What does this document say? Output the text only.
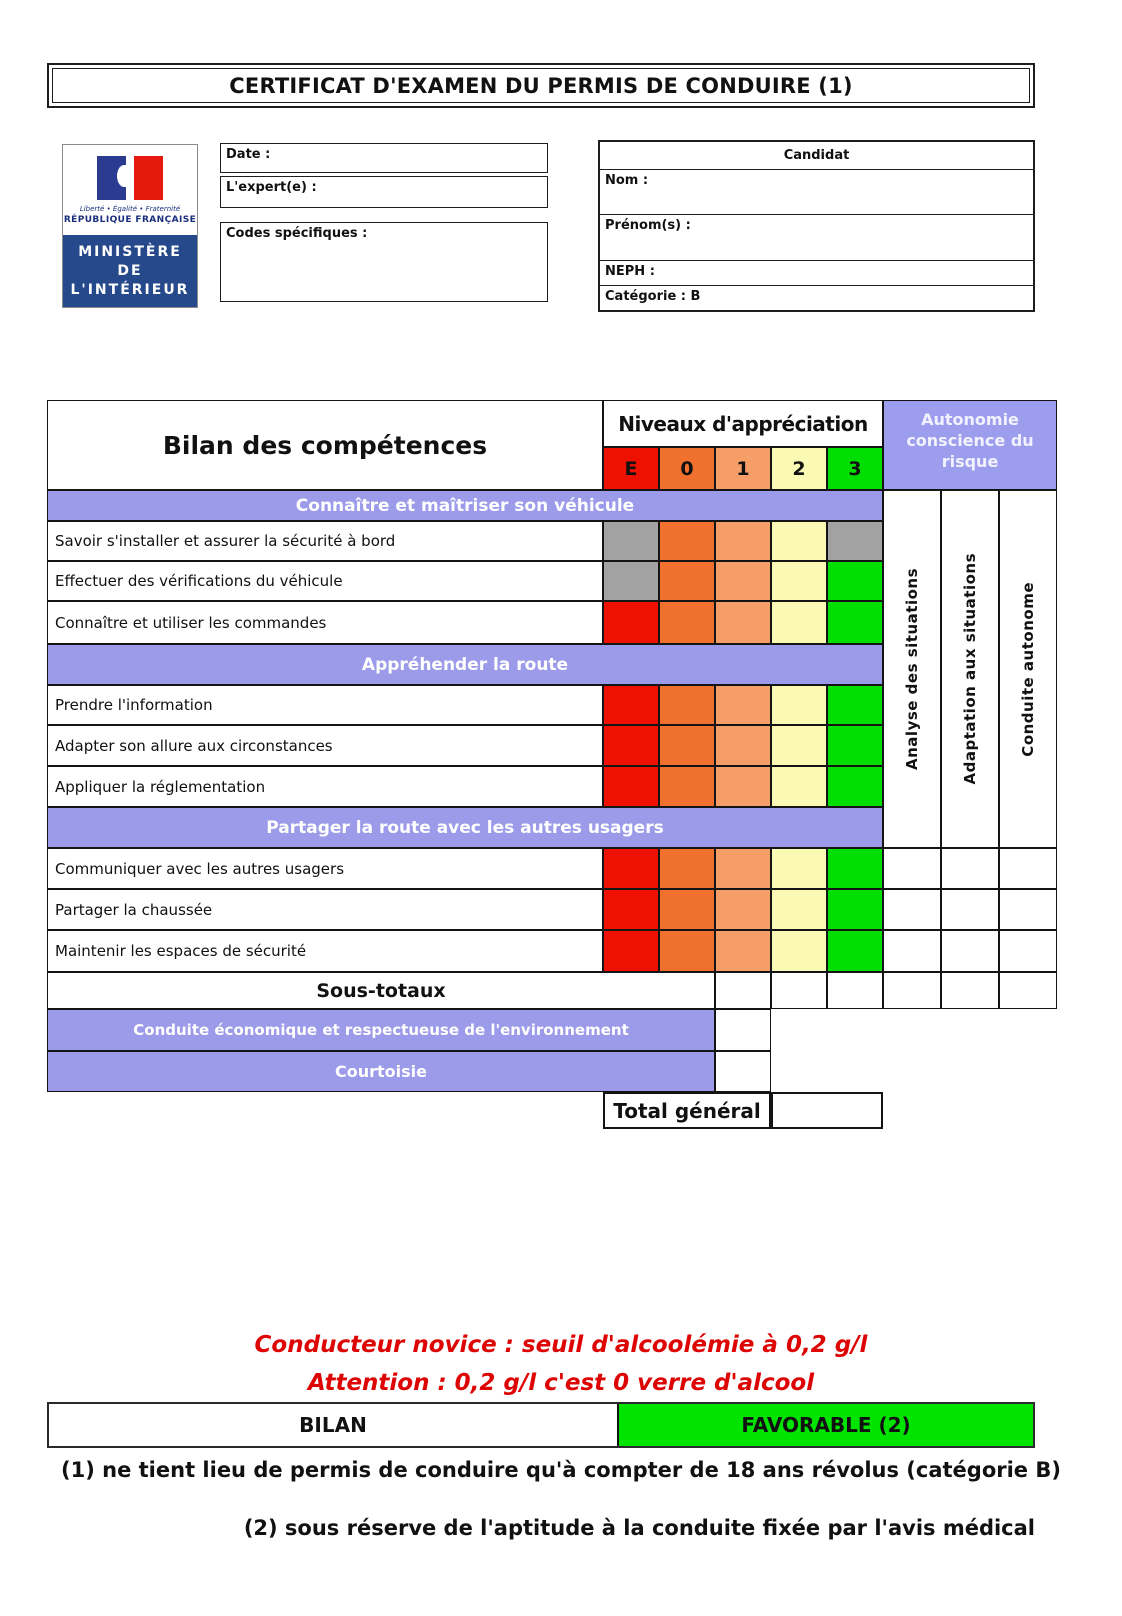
CERTIFICAT D'EXAMEN DU PERMIS DE CONDUIRE (1)
Liberté • Égalité • Fraternité
RÉPUBLIQUE FRANÇAISE
MINISTÈRE
DE
L'INTÉRIEUR
Date :
L'expert(e) :
Codes spécifiques :
Candidat
Nom :
Prénom(s) :
NEPH :
Catégorie : B
Bilan des compétences
Niveaux d'appréciation	Autonomie conscience du risque
Analyse des situations	Adaptation aux situations	Conduite autonome
Sous-totaux
Conduite économique et respectueuse de l'environnement
Courtoisie
Total général
E	0	1	2	3
Connaître et maîtriser son véhicule
Savoir s'installer et assurer la sécurité à bord
Effectuer des vérifications du véhicule
Connaître et utiliser les commandes
Appréhender la route
Prendre l'information
Adapter son allure aux circonstances
Appliquer la réglementation
Partager la route avec les autres usagers
Communiquer avec les autres usagers
Partager la chaussée
Maintenir les espaces de sécurité
Conducteur novice : seuil d'alcoolémie à 0,2 g/l
Attention : 0,2 g/l c'est 0 verre d'alcool
BILAN	FAVORABLE (2)
(1) ne tient lieu de permis de conduire qu'à compter de 18 ans révolus (catégorie B)
(2) sous réserve de l'aptitude à la conduite fixée par l'avis médical
